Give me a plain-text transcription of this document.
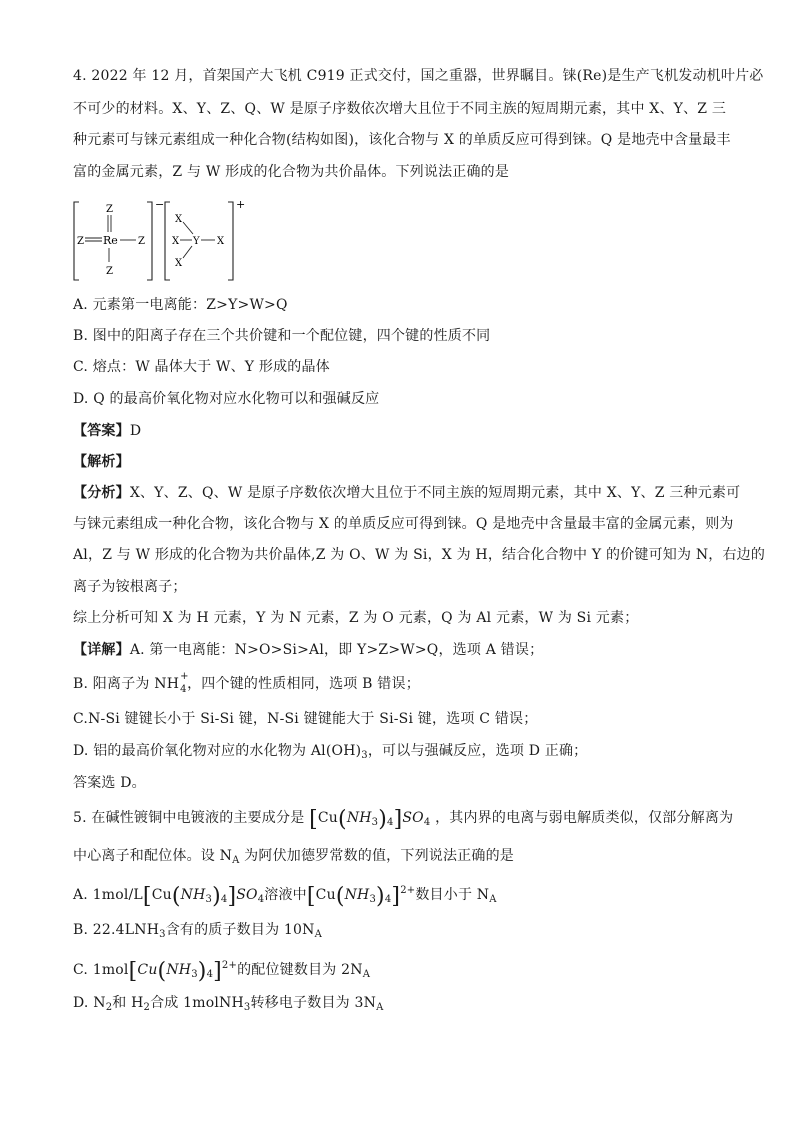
4. 2022 年 12 月，首架国产大飞机 C919 正式交付，国之重器，世界瞩目。铼(Re)是生产飞机发动机叶片必
不可少的材料。X、Y、Z、Q、W 是原子序数依次增大且位于不同主族的短周期元素，其中 X、Y、Z 三
种元素可与铼元素组成一种化合物(结构如图)，该化合物与 X 的单质反应可得到铼。Q 是地壳中含量最丰
富的金属元素，Z 与 W 形成的化合物为共价晶体。下列说法正确的是
−
Re
Z
Z	Z
Z
+
Y
X
X	X
X
A. 元素第一电离能：Z>Y>W>Q
B. 图中的阳离子存在三个共价键和一个配位键，四个键的性质不同
C. 熔点：W 晶体大于 W、Y 形成的晶体
D. Q 的最高价氧化物对应水化物可以和强碱反应
【答案】D
【解析】
【分析】X、Y、Z、Q、W 是原子序数依次增大且位于不同主族的短周期元素，其中 X、Y、Z 三种元素可
与铼元素组成一种化合物，该化合物与 X 的单质反应可得到铼。Q 是地壳中含量最丰富的金属元素，则为
Al，Z 与 W 形成的化合物为共价晶体,Z 为 O、W 为 Si，X 为 H，结合化合物中 Y 的价键可知为 N，右边的
离子为铵根离子；
综上分析可知 X 为 H 元素，Y 为 N 元素，Z 为 O 元素，Q 为 Al 元素，W 为 Si 元素；
【详解】A. 第一电离能：N>O>Si>Al，即 Y>Z>W>Q，选项 A 错误；
B. 阳离子为 NH +
4 ，四个键的性质相同，选项 B 错误；
C.N-Si 键键长小于 Si-Si 键，N-Si 键键能大于 Si-Si 键，选项 C 错误；
D. 铝的最高价氧化物对应的水化物为 $Al(OH)_3$，可以与强碱反应，选项 D 正确；
答案选 D。
5. 在碱性镀铜中电镀液的主要成分是 $[Cu(NH_3)_4]SO_4$ ，其内界的电离与弱电解质类似，仅部分解离为
中心离子和配位体。设 $N_A$ 为阿伏加德罗常数的值，下列说法正确的是
A. $1mol/L[Cu(NH_3)_4]SO_4$溶液中$[Cu(NH_3)_4]^{2+}$数目小于 $N_A$
B. $22.4LNH_3$含有的质子数目为 $10N_A$
C. $1mol[Cu(NH_3)_4]^{2+}$的配位键数目为 $2N_A$
D. $N_2$和 $H_2$合成 1molNH$_3$转移电子数目为 $3N_A$
